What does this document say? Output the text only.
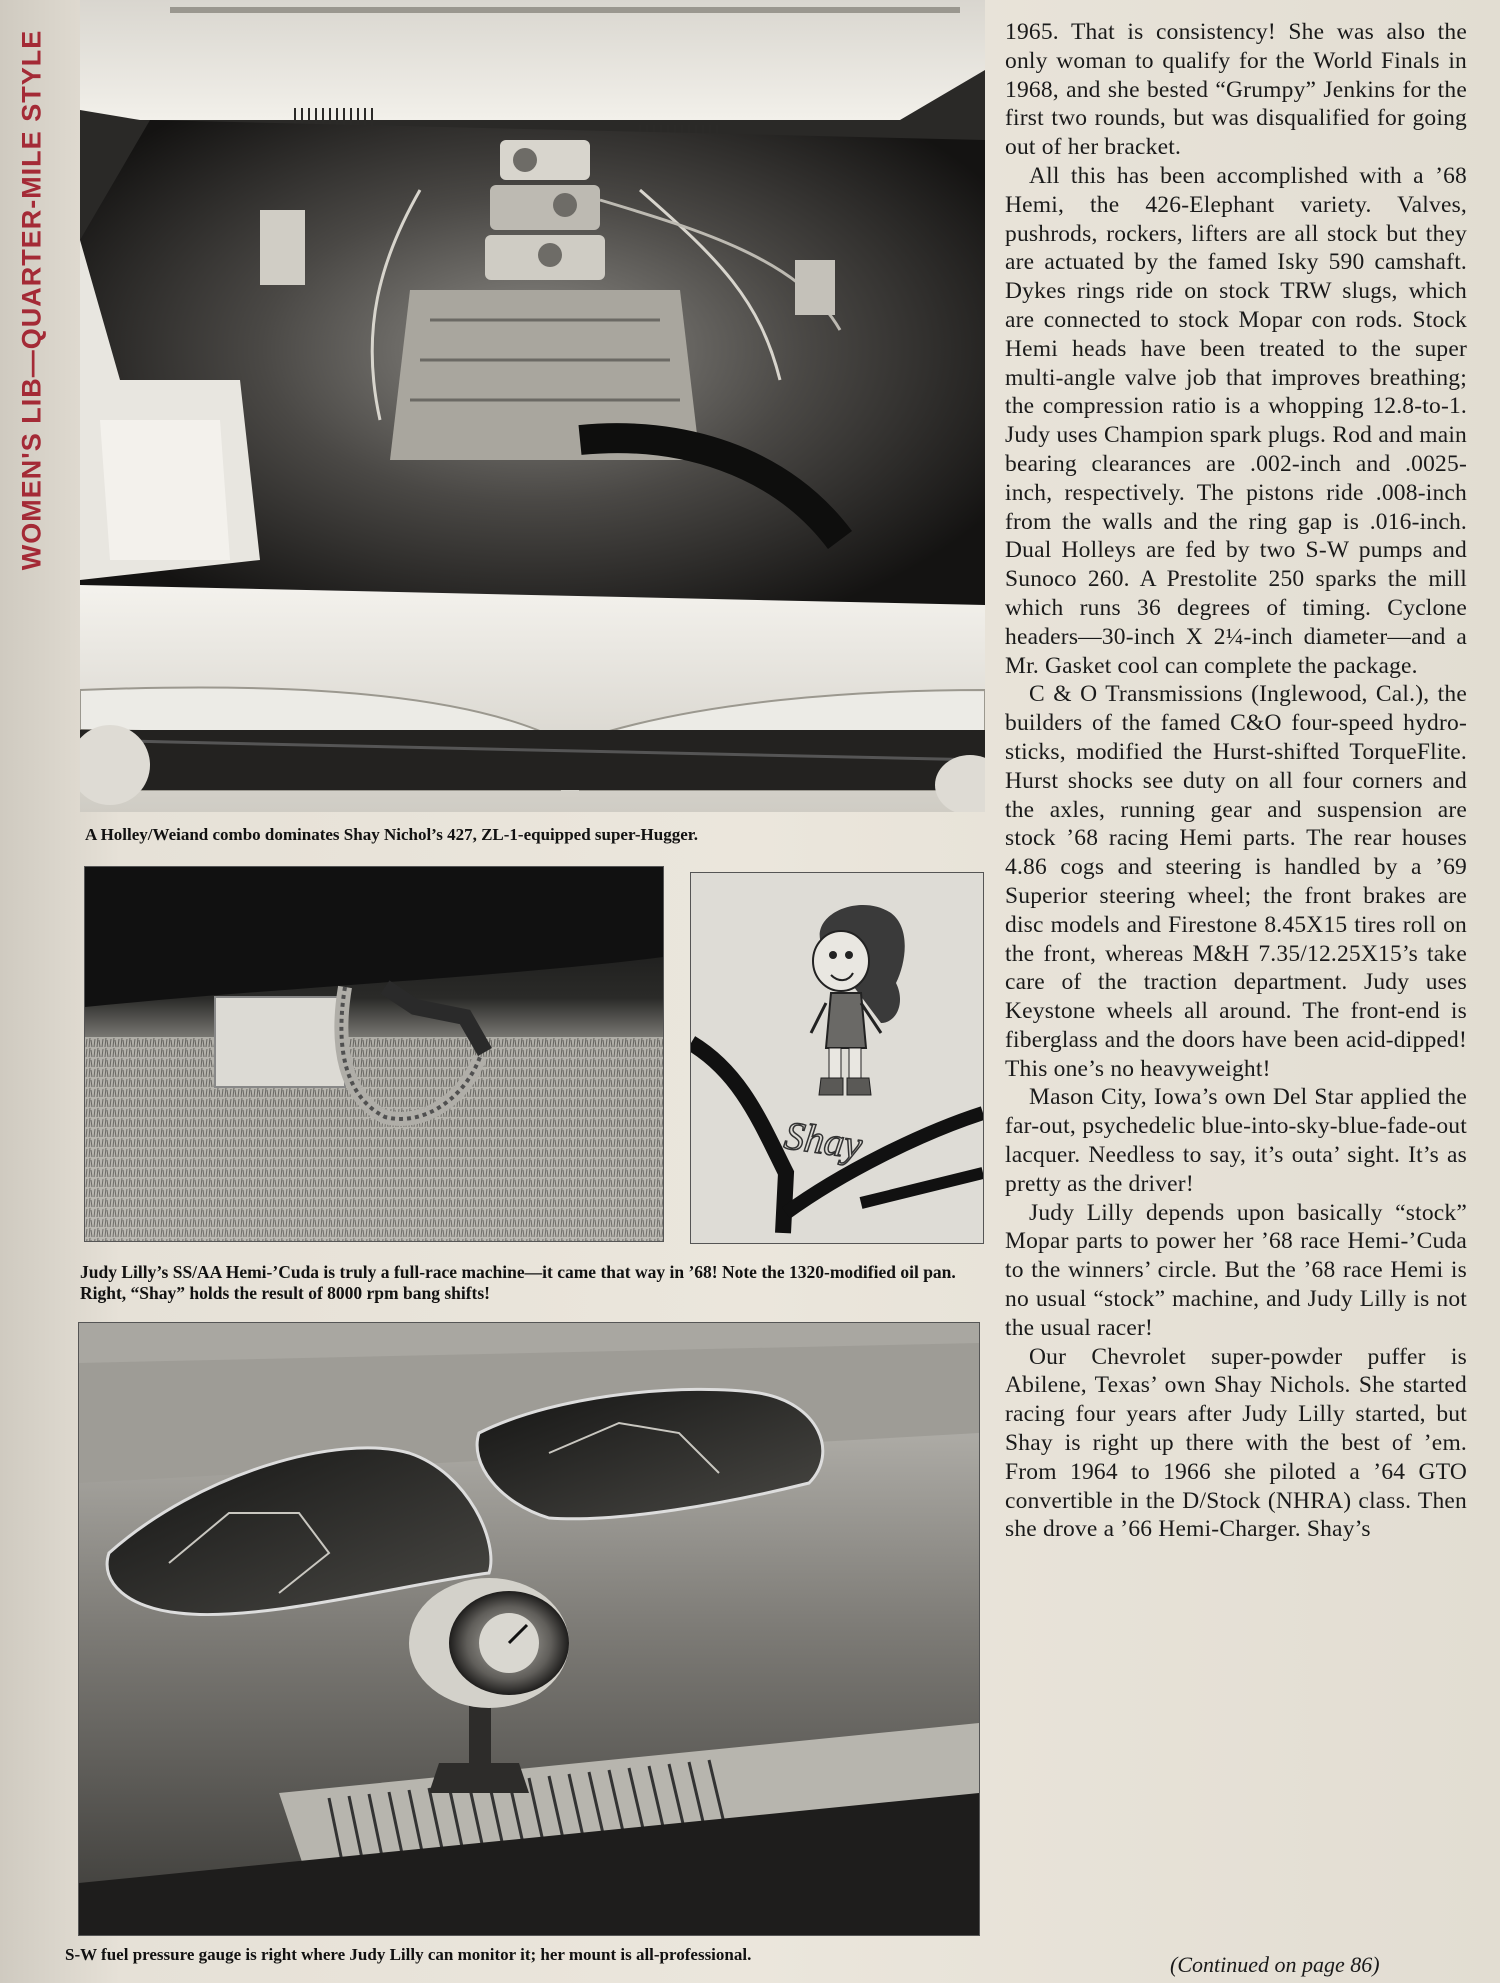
WOMEN'S LIB—QUARTER-MILE STYLE
A Holley/Weiand combo dominates Shay Nichol’s 427, ZL-1-equipped super-Hugger.
Shay
Judy Lilly’s SS/AA Hemi-’Cuda is truly a full-race machine—it came that way in ’68! Note the 1320-modified oil pan. Right, “Shay” holds the result of 8000 rpm bang shifts!
S-W fuel pressure gauge is right where Judy Lilly can monitor it; her mount is all-professional.

1965. That is consistency! She was also the only woman to qualify for the World Finals in 1968, and she bested “Grumpy” Jenkins for the first two rounds, but was disqualified for going out of her bracket.

All this has been accomplished with a ’68 Hemi, the 426-Elephant variety. Valves, pushrods, rockers, lifters are all stock but they are actuated by the famed Isky 590 camshaft. Dykes rings ride on stock TRW slugs, which are connected to stock Mopar con rods. Stock Hemi heads have been treated to the super multi-angle valve job that improves breathing; the compression ratio is a whopping 12.8-to-1. Judy uses Champion spark plugs. Rod and main bearing clearances are .002-inch and .0025-inch, respectively. The pistons ride .008-inch from the walls and the ring gap is .016-inch. Dual Holleys are fed by two S-W pumps and Sunoco 260. A Prestolite 250 sparks the mill which runs 36 degrees of timing. Cyclone headers—30-inch X 2¼-inch diameter—and a Mr. Gasket cool can complete the package.

C & O Transmissions (Inglewood, Cal.), the builders of the famed C&O four-speed hydro-sticks, modified the Hurst-shifted TorqueFlite. Hurst shocks see duty on all four corners and the axles, running gear and suspension are stock ’68 racing Hemi parts. The rear houses 4.86 cogs and steering is handled by a ’69 Superior steering wheel; the front brakes are disc models and Firestone 8.45X15 tires roll on the front, whereas M&H 7.35/12.25X15’s take care of the traction department. Judy uses Keystone wheels all around. The front-end is fiberglass and the doors have been acid-dipped! This one’s no heavyweight!

Mason City, Iowa’s own Del Star applied the far-out, psychedelic blue-into-sky-blue-fade-out lacquer. Needless to say, it’s outa’ sight. It’s as pretty as the driver!

Judy Lilly depends upon basically “stock” Mopar parts to power her ’68 race Hemi-’Cuda to the winners’ circle. But the ’68 race Hemi is no usual “stock” machine, and Judy Lilly is not the usual racer!

Our Chevrolet super-powder puffer is Abilene, Texas’ own Shay Nichols. She started racing four years after Judy Lilly started, but Shay is right up there with the best of ’em. From 1964 to 1966 she piloted a ’64 GTO convertible in the D/Stock (NHRA) class. Then she drove a ’66 Hemi-Charger. Shay’s

(Continued on page 86)
